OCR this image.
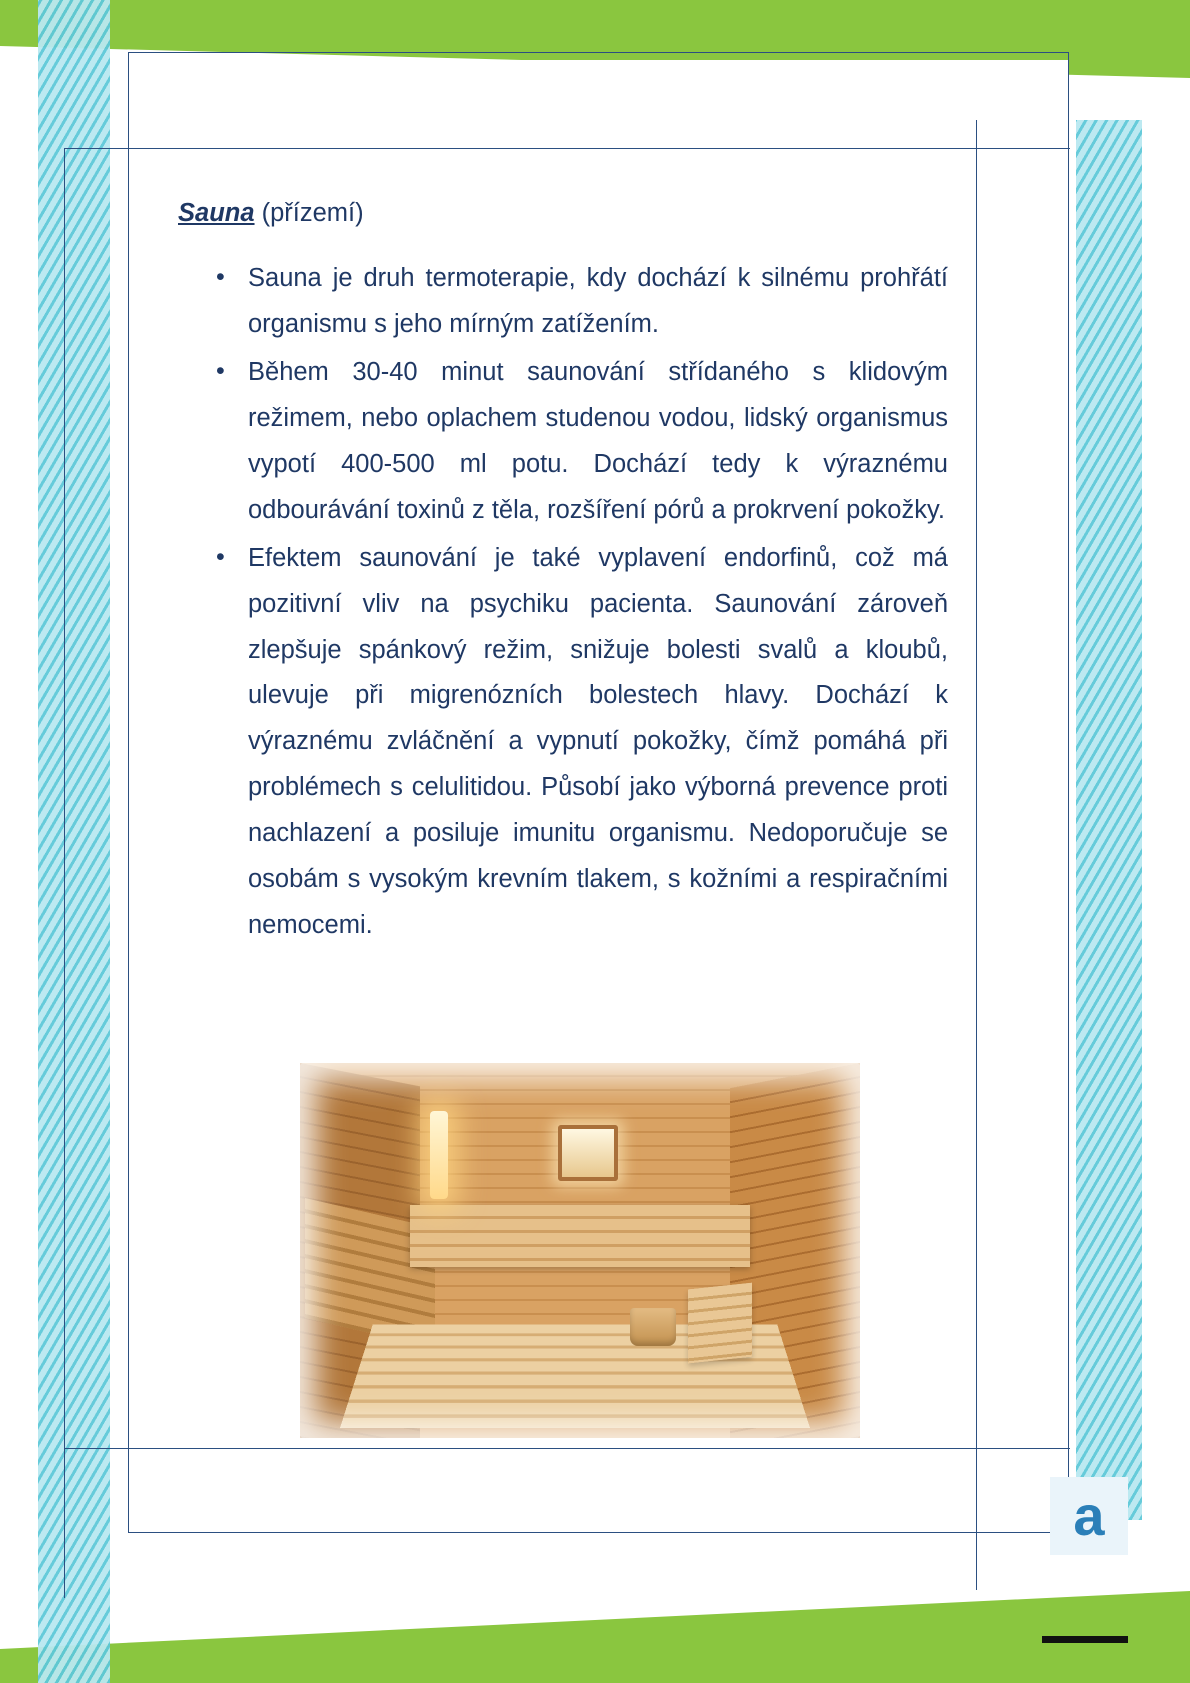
Sauna (přízemí)

• Sauna je druh termoterapie, kdy dochází k silnému prohřátí organismu s jeho mírným zatížením.
• Během 30-40 minut saunování střídaného s klidovým režimem, nebo oplachem studenou vodou, lidský organismus vypotí 400-500 ml potu. Dochází tedy k výraznému odbourávání toxinů z těla, rozšíření pórů a prokrvení pokožky.
• Efektem saunování je také vyplavení endorfinů, což má pozitivní vliv na psychiku pacienta. Saunování zároveň zlepšuje spánkový režim, snižuje bolesti svalů a kloubů, ulevuje při migrenózních bolestech hlavy. Dochází k výraznému zvláčnění a vypnutí pokožky, čímž pomáhá při problémech s celulitidou. Působí jako výborná prevence proti nachlazení a posiluje imunitu organismu. Nedoporučuje se osobám s vysokým krevním tlakem, s kožními a respiračními nemocemi.
a
